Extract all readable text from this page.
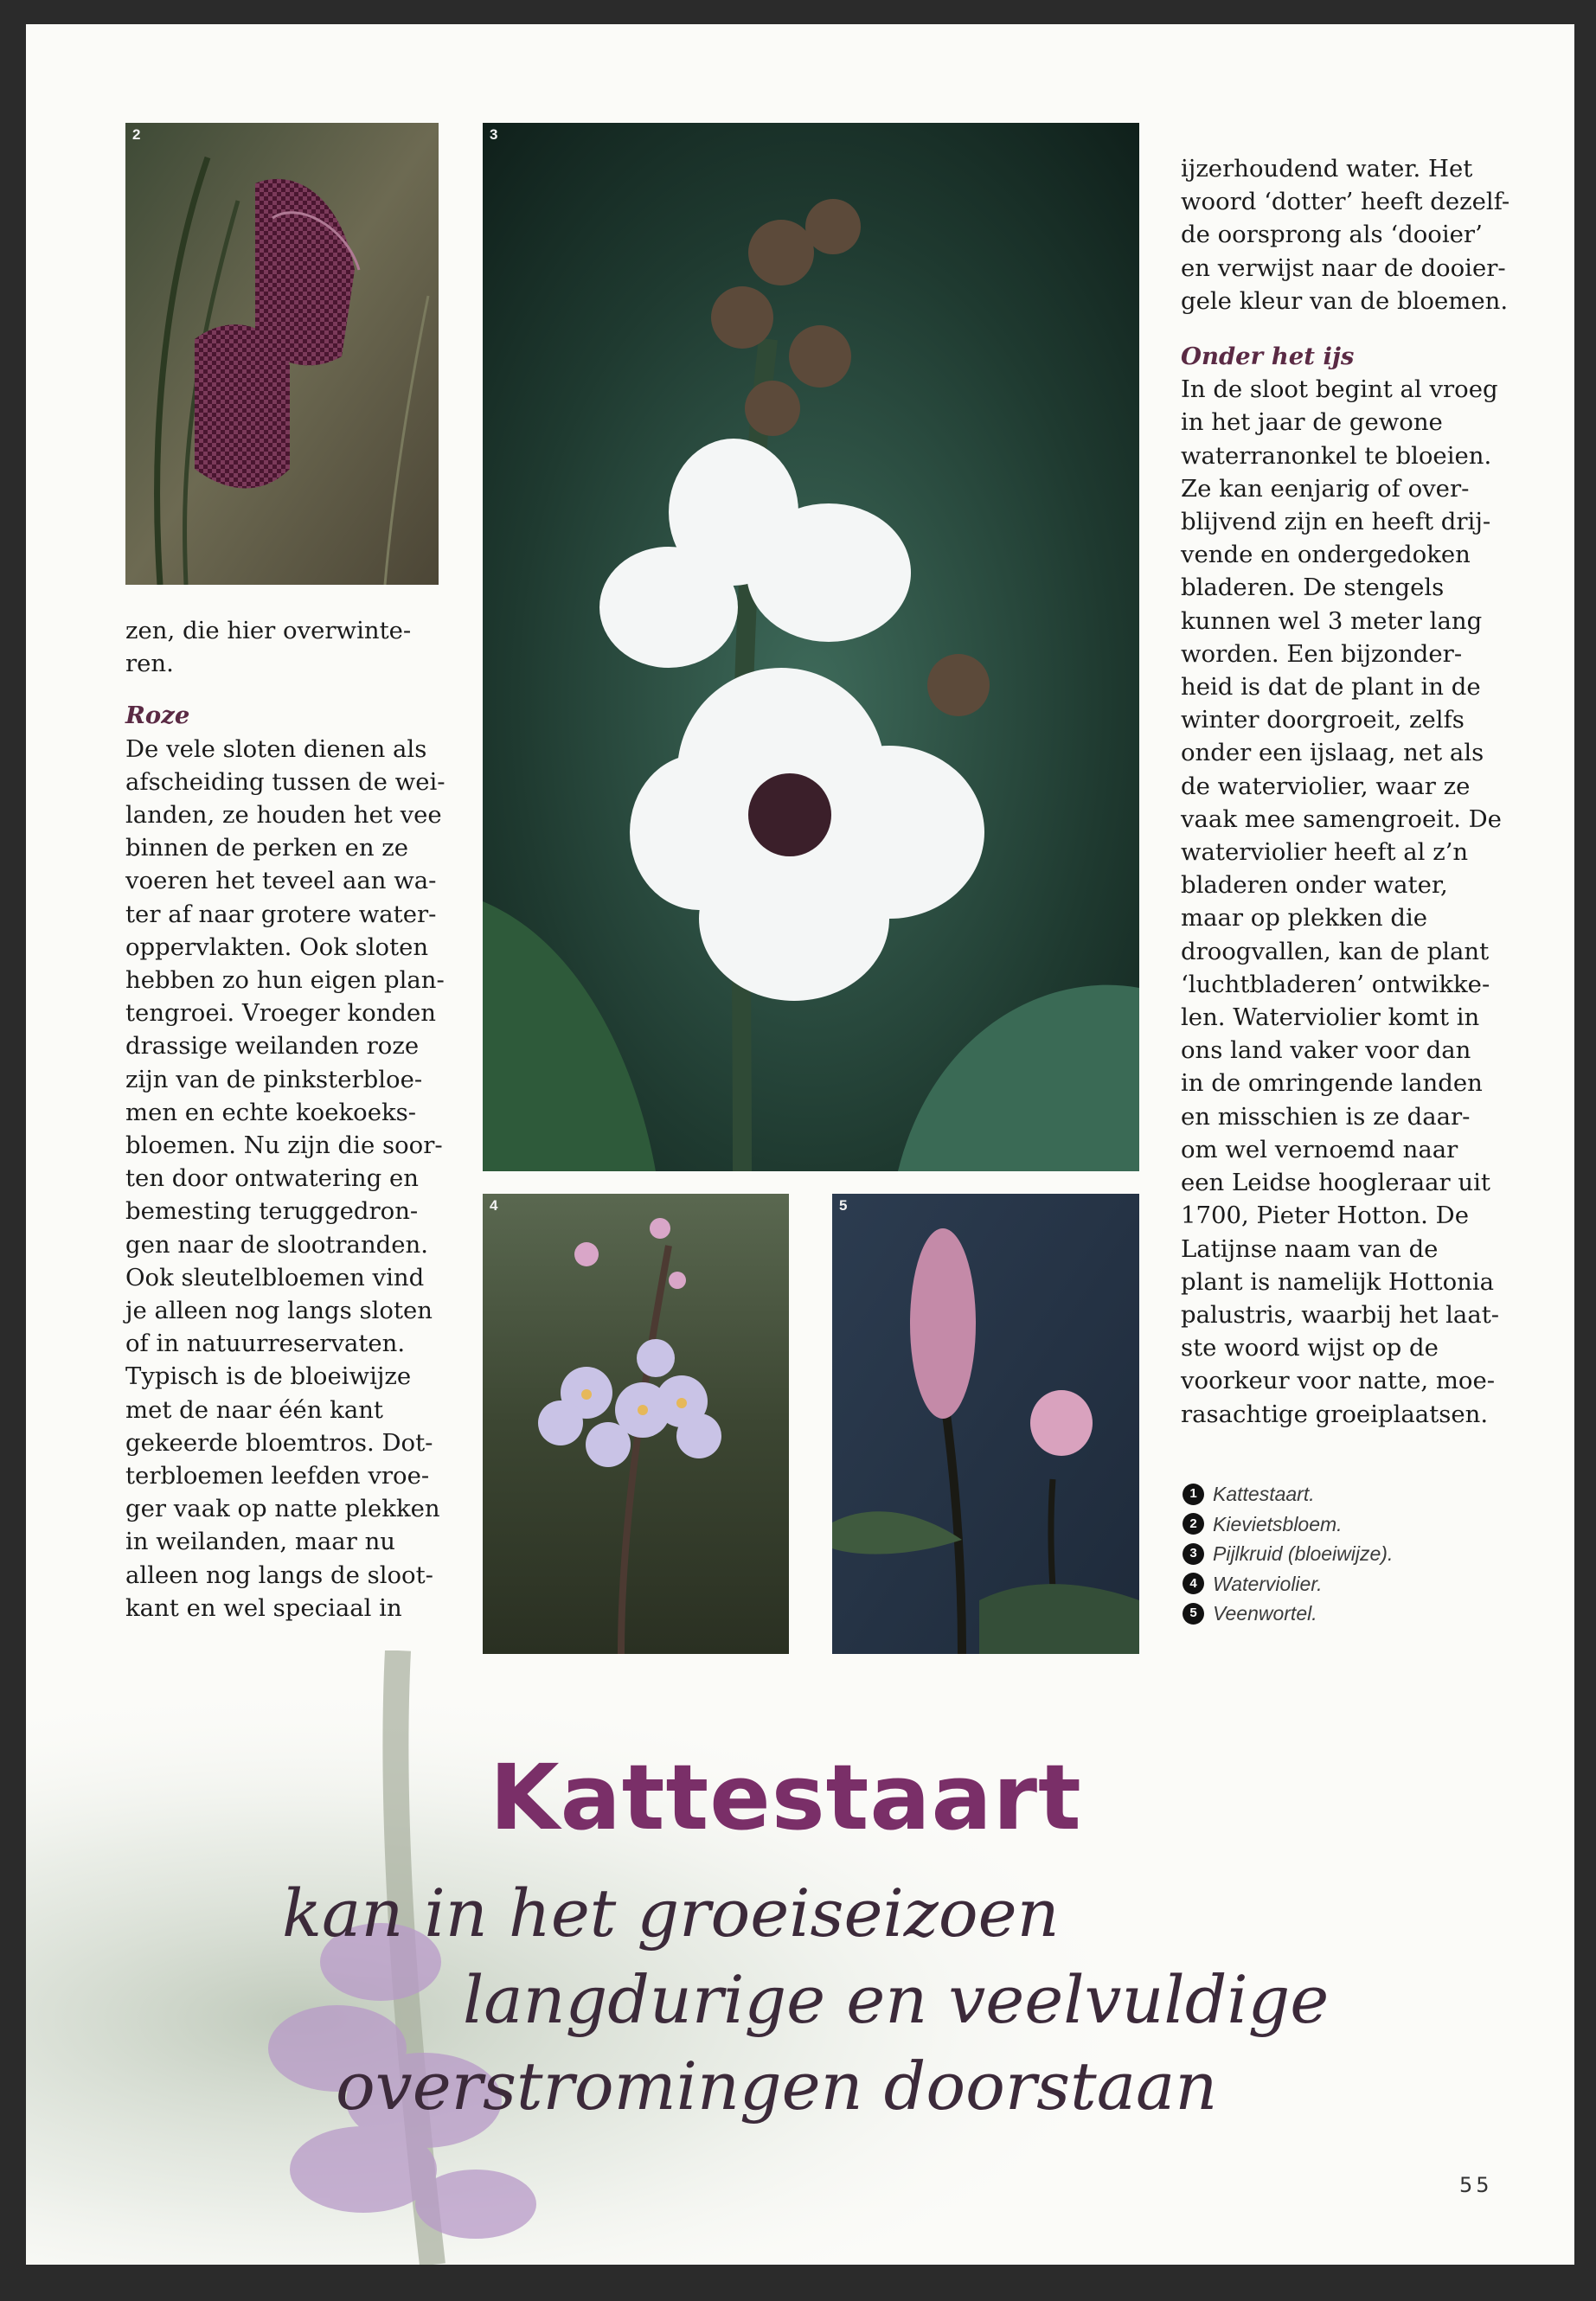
2	3
4	5

zen, die hier overwinte-
ren.

Roze

De vele sloten dienen als
afscheiding tussen de wei-
landen, ze houden het vee
binnen de perken en ze
voeren het teveel aan wa-
ter af naar grotere water-
oppervlakten. Ook sloten
hebben zo hun eigen plan-
tengroei. Vroeger konden
drassige weilanden roze
zijn van de pinksterbloe-
men en echte koekoeks-
bloemen. Nu zijn die soor-
ten door ontwatering en
bemesting teruggedron-
gen naar de slootranden.
Ook sleutelbloemen vind
je alleen nog langs sloten
of in natuurreservaten.
Typisch is de bloeiwijze
met de naar één kant
gekeerde bloemtros. Dot-
terbloemen leefden vroe-
ger vaak op natte plekken
in weilanden, maar nu
alleen nog langs de sloot-
kant en wel speciaal in

ijzerhoudend water. Het
woord ‘dotter’ heeft dezelf-
de oorsprong als ‘dooier’
en verwijst naar de dooier-
gele kleur van de bloemen.

Onder het ijs

In de sloot begint al vroeg
in het jaar de gewone
waterranonkel te bloeien.
Ze kan eenjarig of over-
blijvend zijn en heeft drij-
vende en ondergedoken
bladeren. De stengels
kunnen wel 3 meter lang
worden. Een bijzonder-
heid is dat de plant in de
winter doorgroeit, zelfs
onder een ijslaag, net als
de waterviolier, waar ze
vaak mee samengroeit. De
waterviolier heeft al z’n
bladeren onder water,
maar op plekken die
droogvallen, kan de plant
‘luchtbladeren’ ontwikke-
len. Waterviolier komt in
ons land vaker voor dan
in de omringende landen
en misschien is ze daar-
om wel vernoemd naar
een Leidse hoogleraar uit
1700, Pieter Hotton. De
Latijnse naam van de
plant is namelijk Hottonia
palustris, waarbij het laat-
ste woord wijst op de
voorkeur voor natte, moe-
rasachtige groeiplaatsen.

1 Kattestaart.
2 Kievietsbloem.
3 Pijlkruid (bloeiwijze).
4 Waterviolier.
5 Veenwortel.
Kattestaart
kan in het groeiseizoen
langdurige en veelvuldige
overstromingen doorstaan
55
